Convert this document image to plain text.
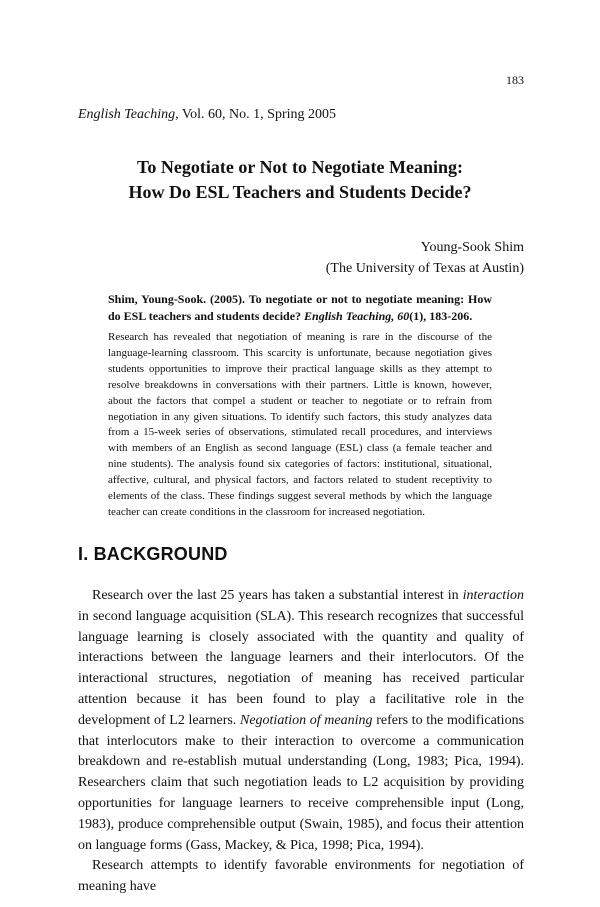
183
English Teaching, Vol. 60, No. 1, Spring 2005
To Negotiate or Not to Negotiate Meaning:
How Do ESL Teachers and Students Decide?
Young-Sook Shim
(The University of Texas at Austin)

Shim, Young-Sook. (2005). To negotiate or not to negotiate meaning: How do ESL teachers and students decide? English Teaching, 60(1), 183-206.

Research has revealed that negotiation of meaning is rare in the discourse of the language-learning classroom. This scarcity is unfortunate, because negotiation gives students opportunities to improve their practical language skills as they attempt to resolve breakdowns in conversations with their partners. Little is known, however, about the factors that compel a student or teacher to negotiate or to refrain from negotiation in any given situations. To identify such factors, this study analyzes data from a 15-week series of observations, stimulated recall procedures, and interviews with members of an English as second language (ESL) class (a female teacher and nine students). The analysis found six categories of factors: institutional, situational, affective, cultural, and physical factors, and factors related to student receptivity to elements of the class. These findings suggest several methods by which the language teacher can create conditions in the classroom for increased negotiation.

I. BACKGROUND

Research over the last 25 years has taken a substantial interest in interaction in second language acquisition (SLA). This research recognizes that successful language learning is closely associated with the quantity and quality of interactions between the language learners and their interlocutors. Of the interactional structures, negotiation of meaning has received particular attention because it has been found to play a facilitative role in the development of L2 learners. Negotiation of meaning refers to the modifications that interlocutors make to their interaction to overcome a communication breakdown and re-establish mutual understanding (Long, 1983; Pica, 1994). Researchers claim that such negotiation leads to L2 acquisition by providing opportunities for language learners to receive comprehensible input (Long, 1983), produce comprehensible output (Swain, 1985), and focus their attention on language forms (Gass, Mackey, & Pica, 1998; Pica, 1994).

Research attempts to identify favorable environments for negotiation of meaning have
